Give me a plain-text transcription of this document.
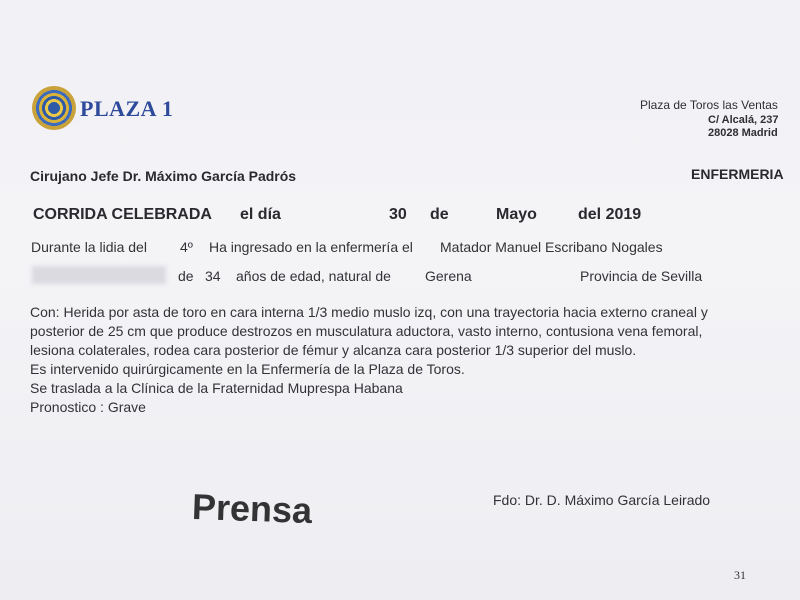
PLAZA 1	Plaza de Toros las Ventas
C/ Alcalá, 237
28028 Madrid
Cirujano Jefe Dr. Máximo García Padrós	ENFERMERIA
CORRIDA CELEBRADA el día	30 de	Mayo	del 2019
Durante la lidia del 4º Ha ingresado en la enfermería el Matador Manuel Escribano Nogales
de 34 años de edad, natural de Gerena	Provincia de Sevilla
Con: Herida por asta de toro en cara interna 1/3 medio muslo izq, con una trayectoria hacia externo craneal y
posterior de 25 cm que produce destrozos en musculatura aductora, vasto interno, contusiona vena femoral,
lesiona colaterales, rodea cara posterior de fémur y alcanza cara posterior 1/3 superior del muslo.
Es intervenido quirúrgicamente en la Enfermería de la Plaza de Toros.
Se traslada a la Clínica de la Fraternidad Muprespa Habana
Pronostico : Grave
Prensa	Fdo: Dr. D. Máximo García Leirado
31
